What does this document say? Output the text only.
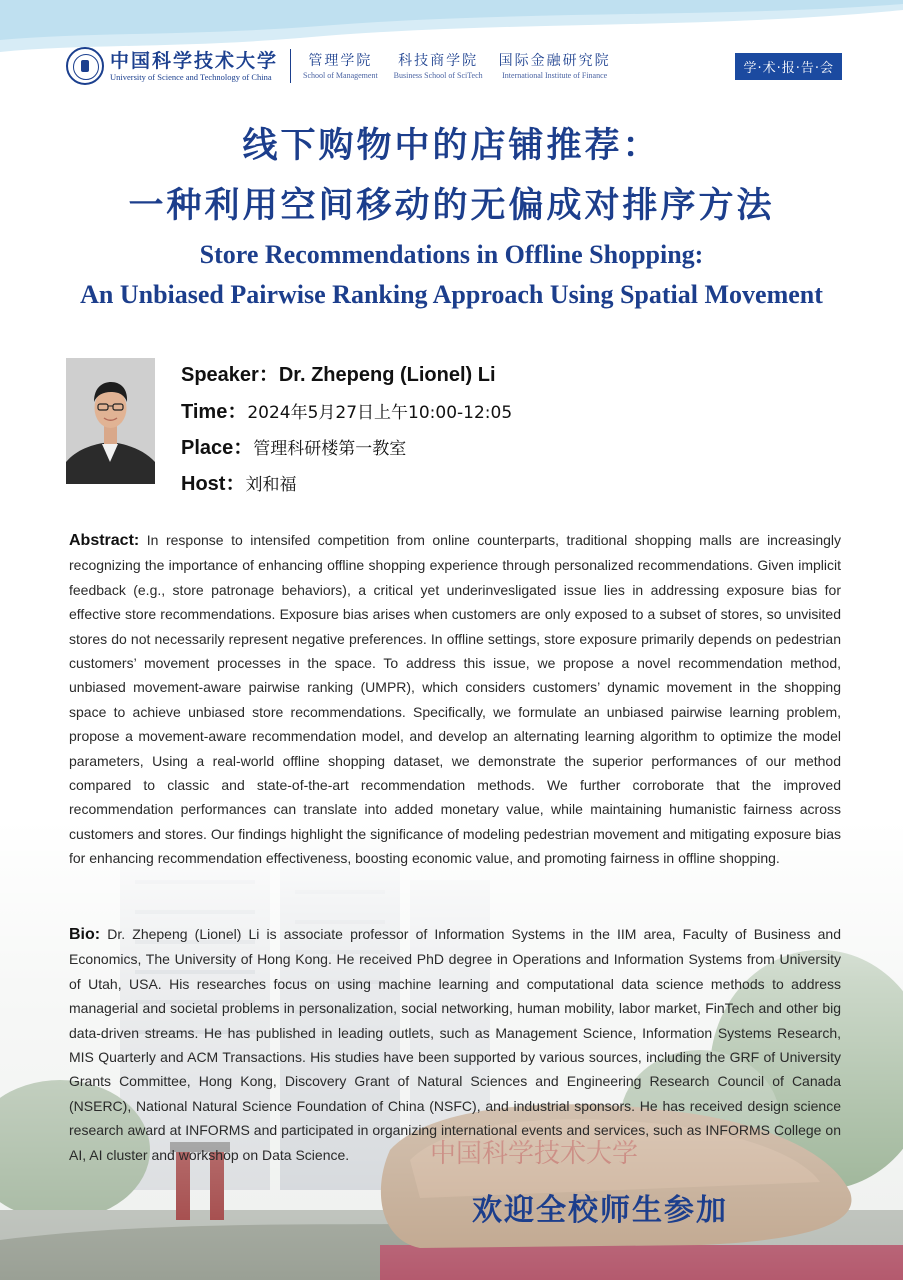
中国科学技术大学
University of Science and Technology of China
管理学院
School of Management
科技商学院
Business School of SciTech
国际金融研究院
International Institute of Finance	学·术·报·告·会
线下购物中的店铺推荐：
一种利用空间移动的无偏成对排序方法
Store Recommendations in Offline Shopping:
An Unbiased Pairwise Ranking Approach Using Spatial Movement
Speaker：Dr. Zhepeng (Lionel) Li
Time：2024年5月27日上午10:00-12:05
Place：管理科研楼第一教室
Host：刘和福
Abstract: In response to intensifed competition from online counterparts, traditional shopping malls are increasingly recognizing the importance of enhancing offline shopping experience through personalized recommendations. Given implicit feedback (e.g., store patronage behaviors), a critical yet underinvesligated issue lies in addressing exposure bias for effective store recommendations. Exposure bias arises when customers are only exposed to a subset of stores, so unvisited stores do not necessarily represent negative preferences. In offline settings, store exposure primarily depends on pedestrian customers’ movement processes in the space. To address this issue, we propose a novel recommendation method, unbiased movement-aware pairwise ranking (UMPR), which considers customers’ dynamic movement in the shopping space to achieve unbiased store recommendations. Specifically, we formulate an unbiased pairwise learning problem, propose a movement-aware recommendation model, and develop an alternating learning algorithm to optimize the model parameters, Using a real-world offline shopping dataset, we demonstrate the superior performances of our method compared to classic and state-of-the-art recommendation methods. We further corroborate that the improved recommendation performances can translate into added monetary value, while maintaining humanistic fairness across customers and stores. Our findings highlight the significance of modeling pedestrian movement and mitigating exposure bias for enhancing recommendation effectiveness, boosting economic value, and promoting fairness in offline shopping.
Bio: Dr. Zhepeng (Lionel) Li is associate professor of Information Systems in the IIM area, Faculty of Business and Economics, The University of Hong Kong. He received PhD degree in Operations and Information Systems from University of Utah, USA. His researches focus on using machine learning and computational data science methods to address managerial and societal problems in personalization, social networking, human mobility, labor market, FinTech and other big data-driven streams. He has published in leading outlets, such as Management Science, Information Systems Research, MIS Quarterly and ACM Transactions. His studies have been supported by various sources, including the GRF of University Grants Committee, Hong Kong, Discovery Grant of Natural Sciences and Engineering Research Council of Canada (NSERC), National Natural Science Foundation of China (NSFC), and industrial sponsors. He has received design science research award at INFORMS and participated in organizing international events and services, such as INFORMS College on AI, AI cluster and workshop on Data Science.
欢迎全校师生参加
